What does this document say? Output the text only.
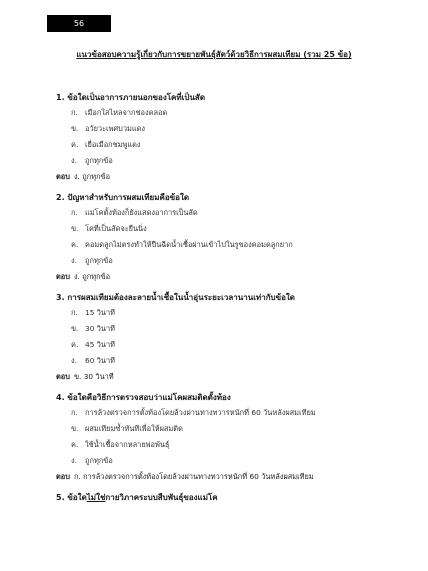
56
แนวข้อสอบความรู้เกี่ยวกับการขยายพันธุ์สัตว์ด้วยวิธีการผสมเทียม (รวม 25 ข้อ)
1. ข้อใดเป็นอาการภายนอกของโคที่เป็นสัด
ก. เมือกใสไหลจากช่องคลอด
ข. อวัยวะเพศบวมแดง
ค. เยื่อเมือกชมพูแดง
ง.	ถูกทุกข้อ
ตอบ ง. ถูกทุกข้อ
2. ปัญหาสำหรับการผสมเทียมคือข้อใด
ก. แม่โคตั้งท้องก็ยังแสดงอาการเป็นสัด
ข. โคที่เป็นสัดจะยืนนิ่ง
ค. คอมดลูกไม่ตรงทำให้ปืนฉีดน้ำเชื้อผ่านเข้าไปในรูของคอมดลูกยาก
ง.	ถูกทุกข้อ
ตอบ ง. ถูกทุกข้อ
3. การผสมเทียมต้องละลายน้ำเชื้อในน้ำอุ่นระยะเวลานานเท่ากับข้อใด
ก. 15 วินาที
ข. 30 วินาที
ค. 45 วินาที
ง.	60 วินาที
ตอบ ข. 30 วินาที
4. ข้อใดคือวิธีการตรวจสอบว่าแม่โคผสมติดตั้งท้อง
ก. การล้วงตรวจการตั้งท้องโดยล้วงผ่านทางทวารหนักที่ 60 วันหลังผสมเทียม
ข. ผสมเทียมซ้ำทันทีเพื่อให้ผสมติด
ค. ใช้น้ำเชื้อจากหลายพ่อพันธุ์
ง.	ถูกทุกข้อ
ตอบ ก. การล้วงตรวจการตั้งท้องโดยล้วงผ่านทางทวารหนักที่ 60 วันหลังผสมเทียม
5. ข้อใดไม่ใช่กายวิภาคระบบสืบพันธุ์ของแม่โค
